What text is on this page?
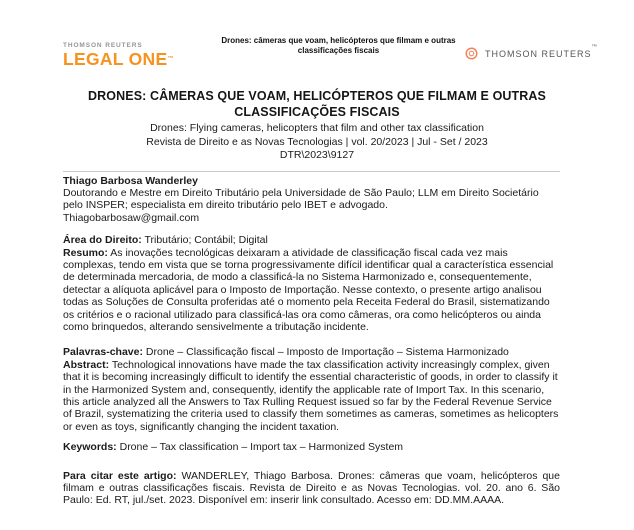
THOMSON REUTERS
LEGAL ONE™
Drones: câmeras que voam, helicópteros que filmam e outras classificações fiscais	THOMSON REUTERS™
DRONES: CÂMERAS QUE VOAM, HELICÓPTEROS QUE FILMAM E OUTRAS CLASSIFICAÇÕES FISCAIS
Drones: Flying cameras, helicopters that film and other tax classification
Revista de Direito e as Novas Tecnologias | vol. 20/2023 | Jul - Set / 2023
DTR\2023\9127
Thiago Barbosa Wanderley
Doutorando e Mestre em Direito Tributário pela Universidade de São Paulo; LLM em Direito Societário pelo INSPER; especialista em direito tributário pelo IBET e advogado.
Thiagobarbosaw@gmail.com

Área do Direito: Tributário; Contábil; Digital

Resumo: As inovações tecnológicas deixaram a atividade de classificação fiscal cada vez mais complexas, tendo em vista que se torna progressivamente difícil identificar qual a característica essencial de determinada mercadoria, de modo a classificá-la no Sistema Harmonizado e, consequentemente, detectar a alíquota aplicável para o Imposto de Importação. Nesse contexto, o presente artigo analisou todas as Soluções de Consulta proferidas até o momento pela Receita Federal do Brasil, sistematizando os critérios e o racional utilizado para classificá-las ora como câmeras, ora como helicópteros ou ainda como brinquedos, alterando sensivelmente a tributação incidente.

Palavras-chave: Drone – Classificação fiscal – Imposto de Importação – Sistema Harmonizado

Abstract: Technological innovations have made the tax classification activity increasingly complex, given that it is becoming increasingly difficult to identify the essential characteristic of goods, in order to classify it in the Harmonized System and, consequently, identify the applicable rate of Import Tax. In this scenario, this article analyzed all the Answers to Tax Rulling Request issued so far by the Federal Revenue Service of Brazil, systematizing the criteria used to classify them sometimes as cameras, sometimes as helicopters or even as toys, significantly changing the incident taxation.

Keywords: Drone – Tax classification – Import tax – Harmonized System

Para citar este artigo: WANDERLEY, Thiago Barbosa. Drones: câmeras que voam, helicópteros que filmam e outras classificações fiscais. Revista de Direito e as Novas Tecnologias. vol. 20. ano 6. São Paulo: Ed. RT, jul./set. 2023. Disponível em: inserir link consultado. Acesso em: DD.MM.AAAA.
